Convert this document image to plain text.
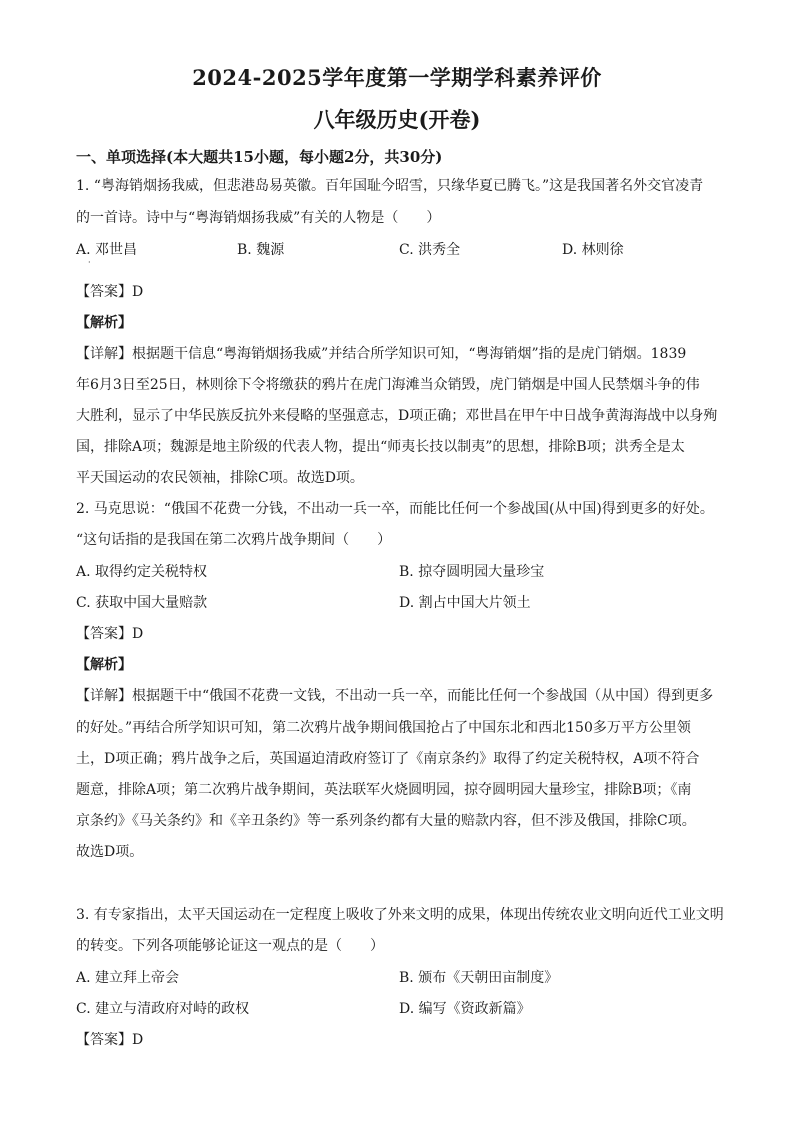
2024-2025学年度第一学期学科素养评价
八年级历史(开卷)
一、单项选择(本大题共15小题，每小题2分，共30分)
1. “粤海销烟扬我威，但悲港岛易英徽。百年国耻今昭雪，只缘华夏已腾飞。”这是我国著名外交官凌青
的一首诗。诗中与“粤海销烟扬我威”有关的人物是（　　）
A. 邓世昌	B. 魏源	C. 洪秀全	D. 林则徐
·
【答案】D
【解析】
【详解】根据题干信息“粤海销烟扬我威”并结合所学知识可知，“粤海销烟”指的是虎门销烟。1839
年6月3日至25日，林则徐下令将缴获的鸦片在虎门海滩当众销毁，虎门销烟是中国人民禁烟斗争的伟
大胜利，显示了中华民族反抗外来侵略的坚强意志，D项正确；邓世昌在甲午中日战争黄海海战中以身殉
国，排除A项；魏源是地主阶级的代表人物，提出“师夷长技以制夷”的思想，排除B项；洪秀全是太
平天国运动的农民领袖，排除C项。故选D项。
2. 马克思说：“俄国不花费一分钱，不出动一兵一卒，而能比任何一个参战国(从中国)得到更多的好处。
“这句话指的是我国在第二次鸦片战争期间（　　）
A. 取得约定关税特权	B. 掠夺圆明园大量珍宝
C. 获取中国大量赔款	D. 割占中国大片领土
【答案】D
【解析】
【详解】根据题干中“俄国不花费一文钱，不出动一兵一卒，而能比任何一个参战国（从中国）得到更多
的好处。”再结合所学知识可知，第二次鸦片战争期间俄国抢占了中国东北和西北150多万平方公里领
土，D项正确；鸦片战争之后，英国逼迫清政府签订了《南京条约》取得了约定关税特权，A项不符合
题意，排除A项；第二次鸦片战争期间，英法联军火烧圆明园，掠夺圆明园大量珍宝，排除B项；《南
京条约》《马关条约》和《辛丑条约》等一系列条约都有大量的赔款内容，但不涉及俄国，排除C项。
故选D项。
3. 有专家指出，太平天国运动在一定程度上吸收了外来文明的成果，体现出传统农业文明向近代工业文明
的转变。下列各项能够论证这一观点的是（　　）
A. 建立拜上帝会	B. 颁布《天朝田亩制度》
C. 建立与清政府对峙的政权	D. 编写《资政新篇》
【答案】D
